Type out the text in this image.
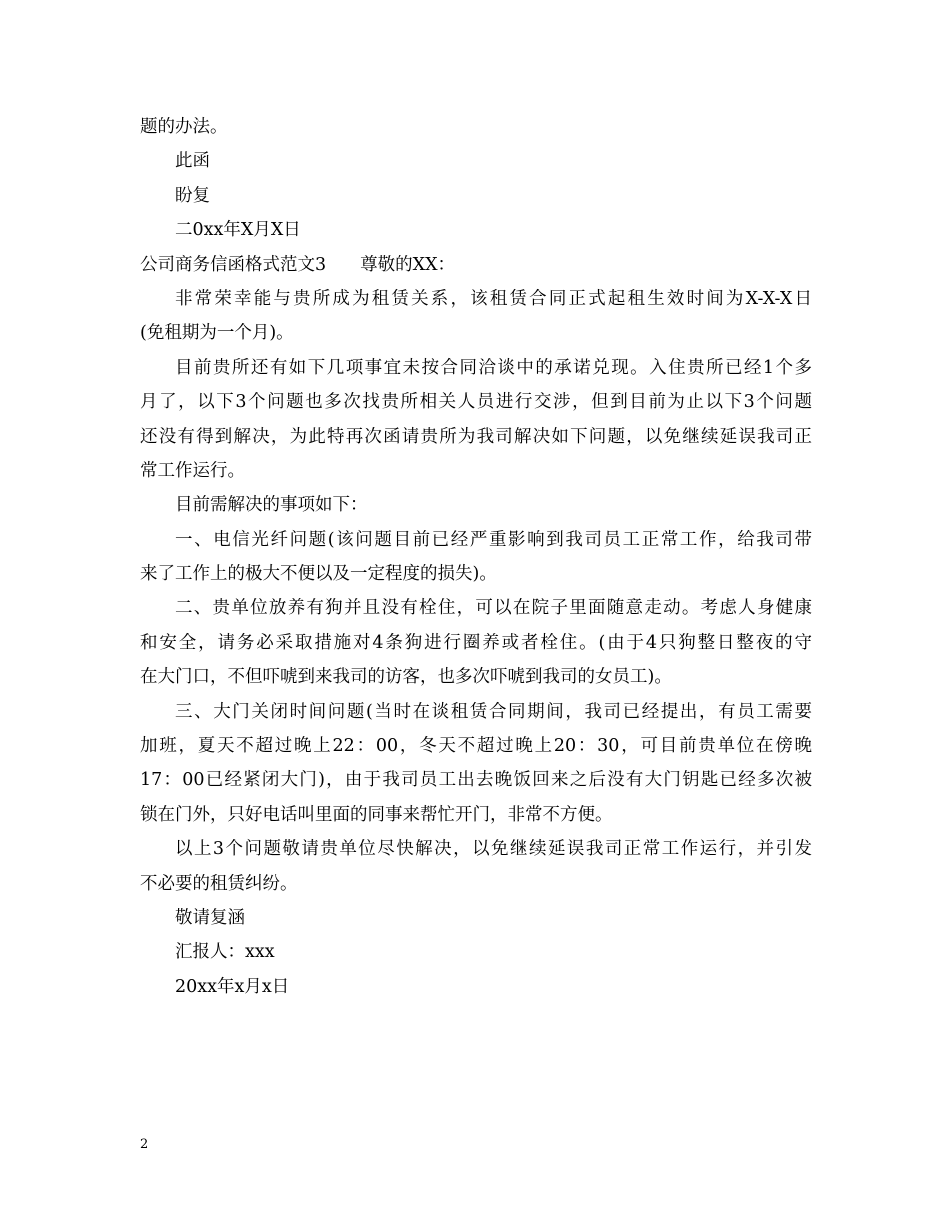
题的办法。
此函
盼复
二0xx年X月X日
公司商务信函格式范文3 尊敬的XX：
非常荣幸能与贵所成为租赁关系，该租赁合同正式起租生效时间为X-X-X日
(免租期为一个月)。
目前贵所还有如下几项事宜未按合同洽谈中的承诺兑现。入住贵所已经1个多
月了，以下3个问题也多次找贵所相关人员进行交涉，但到目前为止以下3个问题
还没有得到解决，为此特再次函请贵所为我司解决如下问题，以免继续延误我司正
常工作运行。
目前需解决的事项如下：
一、电信光纤问题(该问题目前已经严重影响到我司员工正常工作，给我司带
来了工作上的极大不便以及一定程度的损失)。
二、贵单位放养有狗并且没有栓住，可以在院子里面随意走动。考虑人身健康
和安全，请务必采取措施对4条狗进行圈养或者栓住。(由于4只狗整日整夜的守
在大门口，不但吓唬到来我司的访客，也多次吓唬到我司的女员工)。
三、大门关闭时间问题(当时在谈租赁合同期间，我司已经提出，有员工需要
加班，夏天不超过晚上22：00，冬天不超过晚上20：30，可目前贵单位在傍晚
17：00已经紧闭大门)，由于我司员工出去晚饭回来之后没有大门钥匙已经多次被
锁在门外，只好电话叫里面的同事来帮忙开门，非常不方便。
以上3个问题敬请贵单位尽快解决，以免继续延误我司正常工作运行，并引发
不必要的租赁纠纷。
敬请复涵
汇报人：xxx
20xx年x月x日
2
